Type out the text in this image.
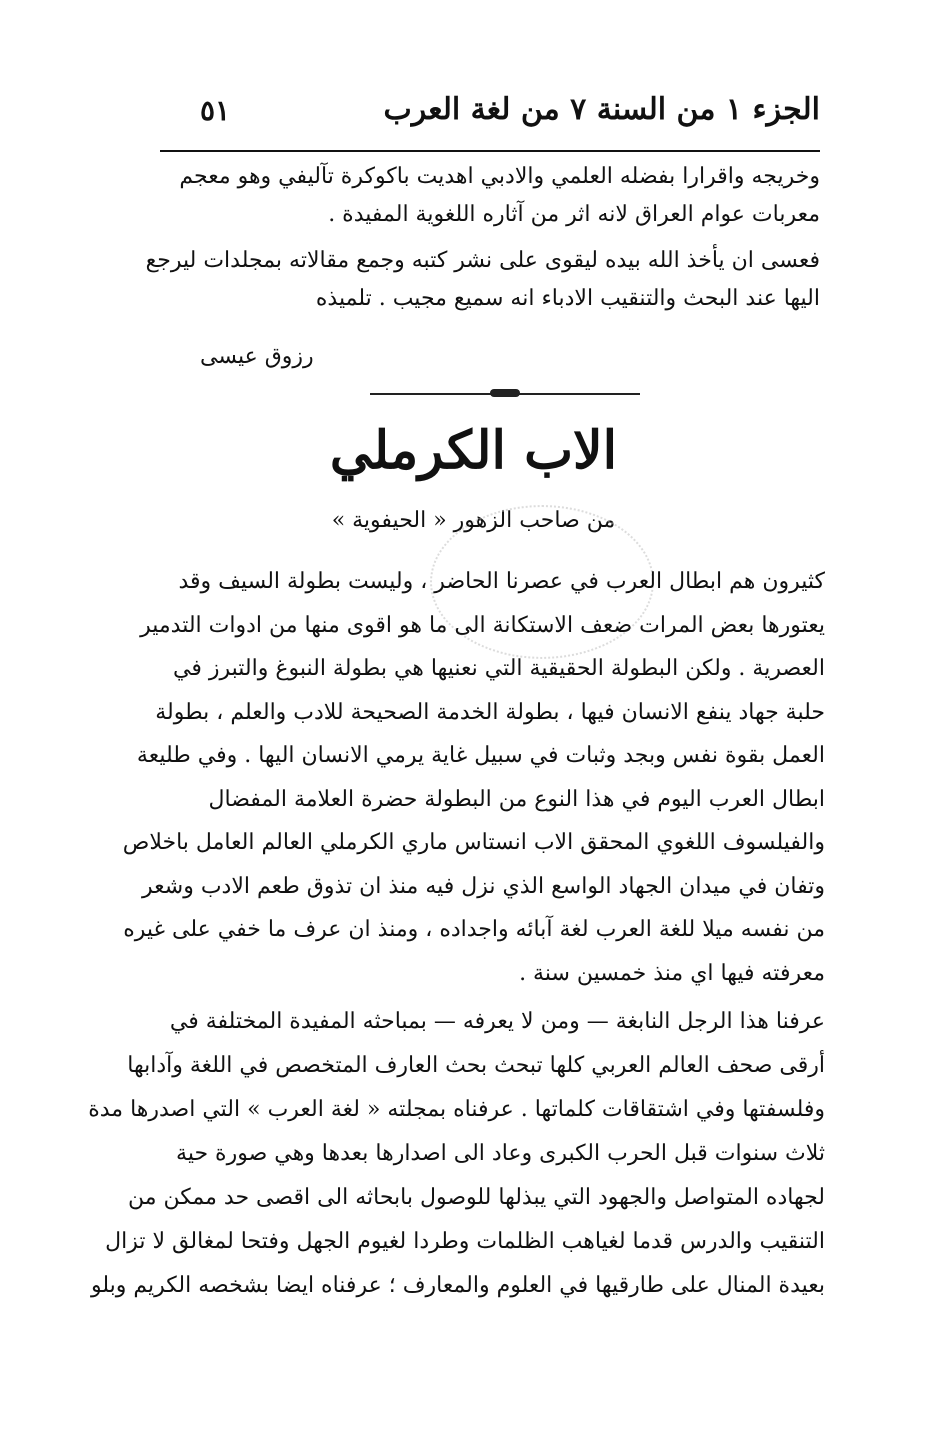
الجزء ١ من السنة ٧ من لغة العرب
٥١
وخريجه واقرارا بفضله العلمي والادبي اهديت باكوكرة تآليفي وهو معجم
معربات عوام العراق لانه اثر من آثاره اللغوية المفيدة .
فعسى ان يأخذ الله بيده ليقوى على نشر كتبه وجمع مقالاته بمجلدات ليرجع
اليها عند البحث والتنقيب الادباء انه سميع مجيب . تلميذه
رزوق عيسى
الاب الكرملي
من صاحب الزهور « الحيفوية »
كثيرون هم ابطال العرب في عصرنا الحاضر ، وليست بطولة السيف وقد
يعتورها بعض المرات ضعف الاستكانة الى ما هو اقوى منها من ادوات التدمير
العصرية . ولكن البطولة الحقيقية التي نعنيها هي بطولة النبوغ والتبرز في
حلبة جهاد ينفع الانسان فيها ، بطولة الخدمة الصحيحة للادب والعلم ، بطولة
العمل بقوة نفس وبجد وثبات في سبيل غاية يرمي الانسان اليها . وفي طليعة
ابطال العرب اليوم في هذا النوع من البطولة حضرة العلامة المفضال
والفيلسوف اللغوي المحقق الاب انستاس ماري الكرملي العالم العامل باخلاص
وتفان في ميدان الجهاد الواسع الذي نزل فيه منذ ان تذوق طعم الادب وشعر
من نفسه ميلا للغة العرب لغة آبائه واجداده ، ومنذ ان عرف ما خفي على غيره
معرفته فيها اي منذ خمسين سنة .
عرفنا هذا الرجل النابغة — ومن لا يعرفه — بمباحثه المفيدة المختلفة في
أرقى صحف العالم العربي كلها تبحث بحث العارف المتخصص في اللغة وآدابها
وفلسفتها وفي اشتقاقات كلماتها . عرفناه بمجلته « لغة العرب » التي اصدرها مدة
ثلاث سنوات قبل الحرب الكبرى وعاد الى اصدارها بعدها وهي صورة حية
لجهاده المتواصل والجهود التي يبذلها للوصول بابحاثه الى اقصى حد ممكن من
التنقيب والدرس قدما لغياهب الظلمات وطردا لغيوم الجهل وفتحا لمغالق لا تزال
بعيدة المنال على طارقيها في العلوم والمعارف ؛ عرفناه ايضا بشخصه الكريم وبلو
